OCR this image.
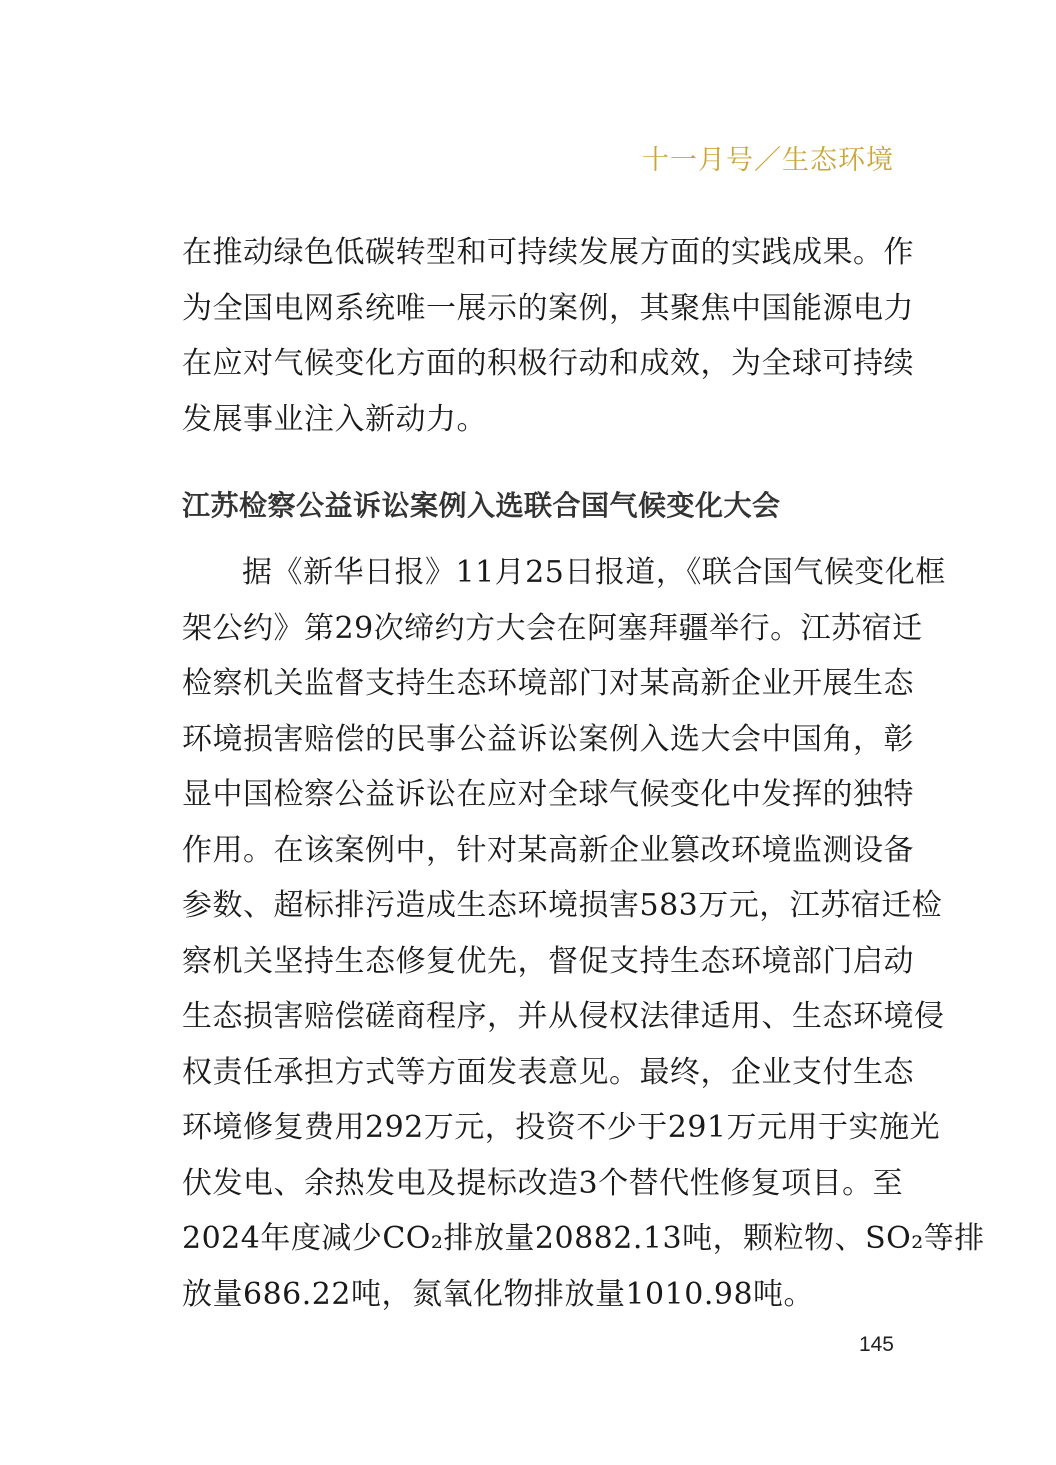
十一月号／生态环境

在推动绿色低碳转型和可持续发展方面的实践成果。作
为全国电网系统唯一展示的案例，其聚焦中国能源电力
在应对气候变化方面的积极行动和成效，为全球可持续
发展事业注入新动力。

江苏检察公益诉讼案例入选联合国气候变化大会

据《新华日报》11月25日报道，《联合国气候变化框
架公约》第29次缔约方大会在阿塞拜疆举行。江苏宿迁
检察机关监督支持生态环境部门对某高新企业开展生态
环境损害赔偿的民事公益诉讼案例入选大会中国角，彰
显中国检察公益诉讼在应对全球气候变化中发挥的独特
作用。在该案例中，针对某高新企业篡改环境监测设备
参数、超标排污造成生态环境损害583万元，江苏宿迁检
察机关坚持生态修复优先，督促支持生态环境部门启动
生态损害赔偿磋商程序，并从侵权法律适用、生态环境侵
权责任承担方式等方面发表意见。最终，企业支付生态
环境修复费用292万元，投资不少于291万元用于实施光
伏发电、余热发电及提标改造3个替代性修复项目。至
2024年度减少CO₂排放量20882.13吨，颗粒物、SO₂等排
放量686.22吨，氮氧化物排放量1010.98吨。

145
